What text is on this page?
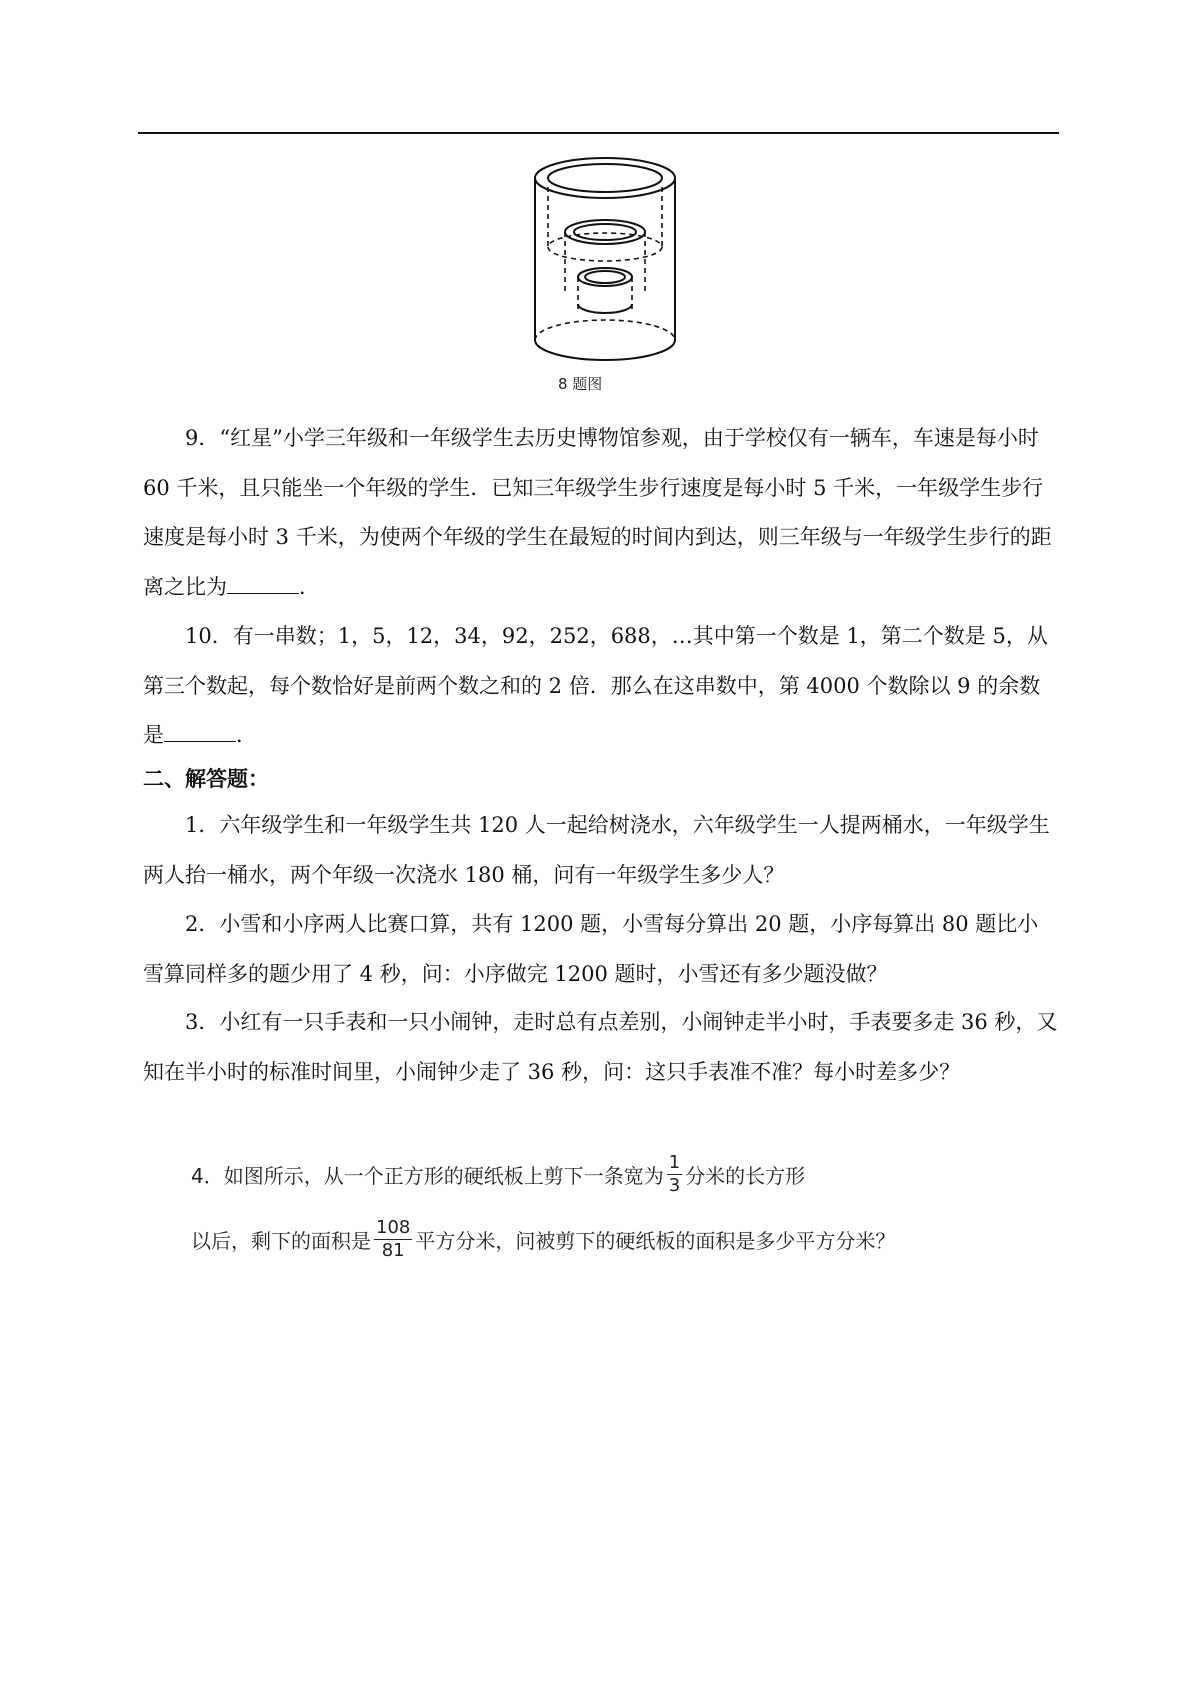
8 题图

9．“红星”小学三年级和一年级学生去历史博物馆参观，由于学校仅有一辆车，车速是每小时 60 千米，且只能坐一个年级的学生．已知三年级学生步行速度是每小时 5 千米，一年级学生步行速度是每小时 3 千米，为使两个年级的学生在最短的时间内到达，则三年级与一年级学生步行的距离之比为	．

10．有一串数；1，5，12，34，92，252，688，…其中第一个数是 1，第二个数是 5，从第三个数起，每个数恰好是前两个数之和的 2 倍．那么在这串数中，第 4000 个数除以 9 的余数是	．

二、解答题：

1．六年级学生和一年级学生共 120 人一起给树浇水，六年级学生一人提两桶水，一年级学生两人抬一桶水，两个年级一次浇水 180 桶，问有一年级学生多少人？

2．小雪和小序两人比赛口算，共有 1200 题，小雪每分算出 20 题，小序每算出 80 题比小雪算同样多的题少用了 4 秒，问：小序做完 1200 题时，小雪还有多少题没做？

3．小红有一只手表和一只小闹钟，走时总有点差别，小闹钟走半小时，手表要多走 36 秒，又知在半小时的标准时间里，小闹钟少走了 36 秒，问：这只手表准不准？每小时差多少？

4．如图所示，从一个正方形的硬纸板上剪下一条宽为 $\frac{1}{3}$ 分米的长方形
以后，剩下的面积是 $\frac{108}{81}$ 平方分米，问被剪下的硬纸板的面积是多少平方分米？
